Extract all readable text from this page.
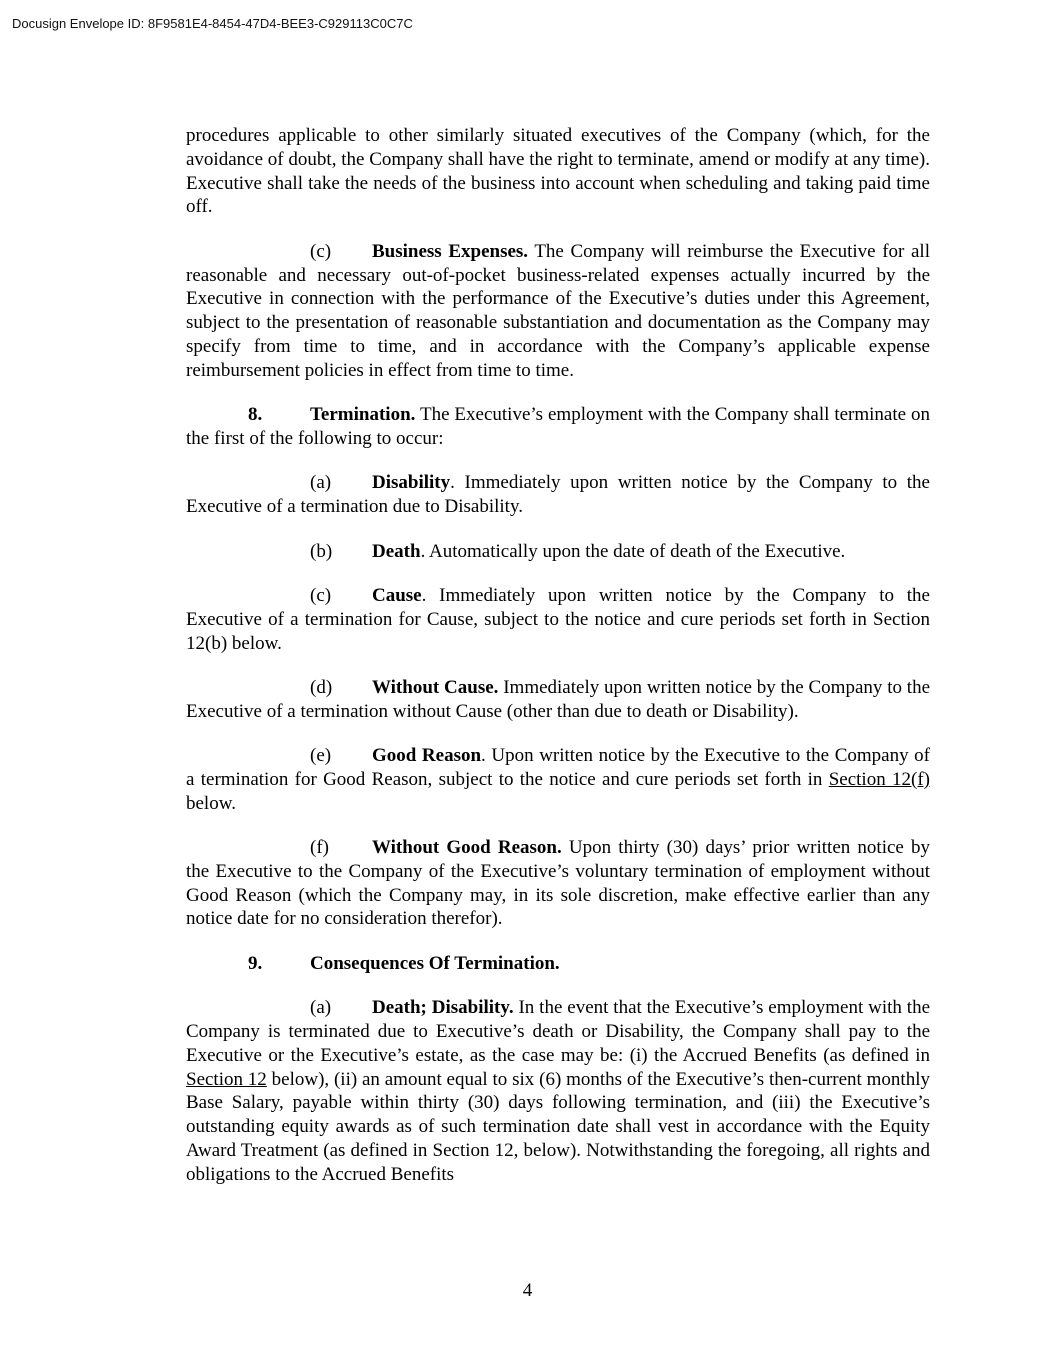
Docusign Envelope ID: 8F9581E4-8454-47D4-BEE3-C929113C0C7C

procedures applicable to other similarly situated executives of the Company (which, for the avoidance of doubt, the Company shall have the right to terminate, amend or modify at any time). Executive shall take the needs of the business into account when scheduling and taking paid time off.

(c) Business Expenses. The Company will reimburse the Executive for all reasonable and necessary out-of-pocket business-related expenses actually incurred by the Executive in connection with the performance of the Executive’s duties under this Agreement, subject to the presentation of reasonable substantiation and documentation as the Company may specify from time to time, and in accordance with the Company’s applicable expense reimbursement policies in effect from time to time.

8.	Termination. The Executive’s employment with the Company shall terminate on the first of the following to occur:

(a) Disability. Immediately upon written notice by the Company to the Executive of a termination due to Disability.

(b) Death. Automatically upon the date of death of the Executive.

(c) Cause. Immediately upon written notice by the Company to the Executive of a termination for Cause, subject to the notice and cure periods set forth in Section 12(b) below.

(d) Without Cause. Immediately upon written notice by the Company to the Executive of a termination without Cause (other than due to death or Disability).

(e) Good Reason. Upon written notice by the Executive to the Company of a termination for Good Reason, subject to the notice and cure periods set forth in Section 12(f) below.

(f) Without Good Reason. Upon thirty (30) days’ prior written notice by the Executive to the Company of the Executive’s voluntary termination of employment without Good Reason (which the Company may, in its sole discretion, make effective earlier than any notice date for no consideration therefor).

9.	Consequences Of Termination.

(a) Death; Disability. In the event that the Executive’s employment with the Company is terminated due to Executive’s death or Disability, the Company shall pay to the Executive or the Executive’s estate, as the case may be: (i) the Accrued Benefits (as defined in Section 12 below), (ii) an amount equal to six (6) months of the Executive’s then-current monthly Base Salary, payable within thirty (30) days following termination, and (iii) the Executive’s outstanding equity awards as of such termination date shall vest in accordance with the Equity Award Treatment (as defined in Section 12, below). Notwithstanding the foregoing, all rights and obligations to the Accrued Benefits

4
